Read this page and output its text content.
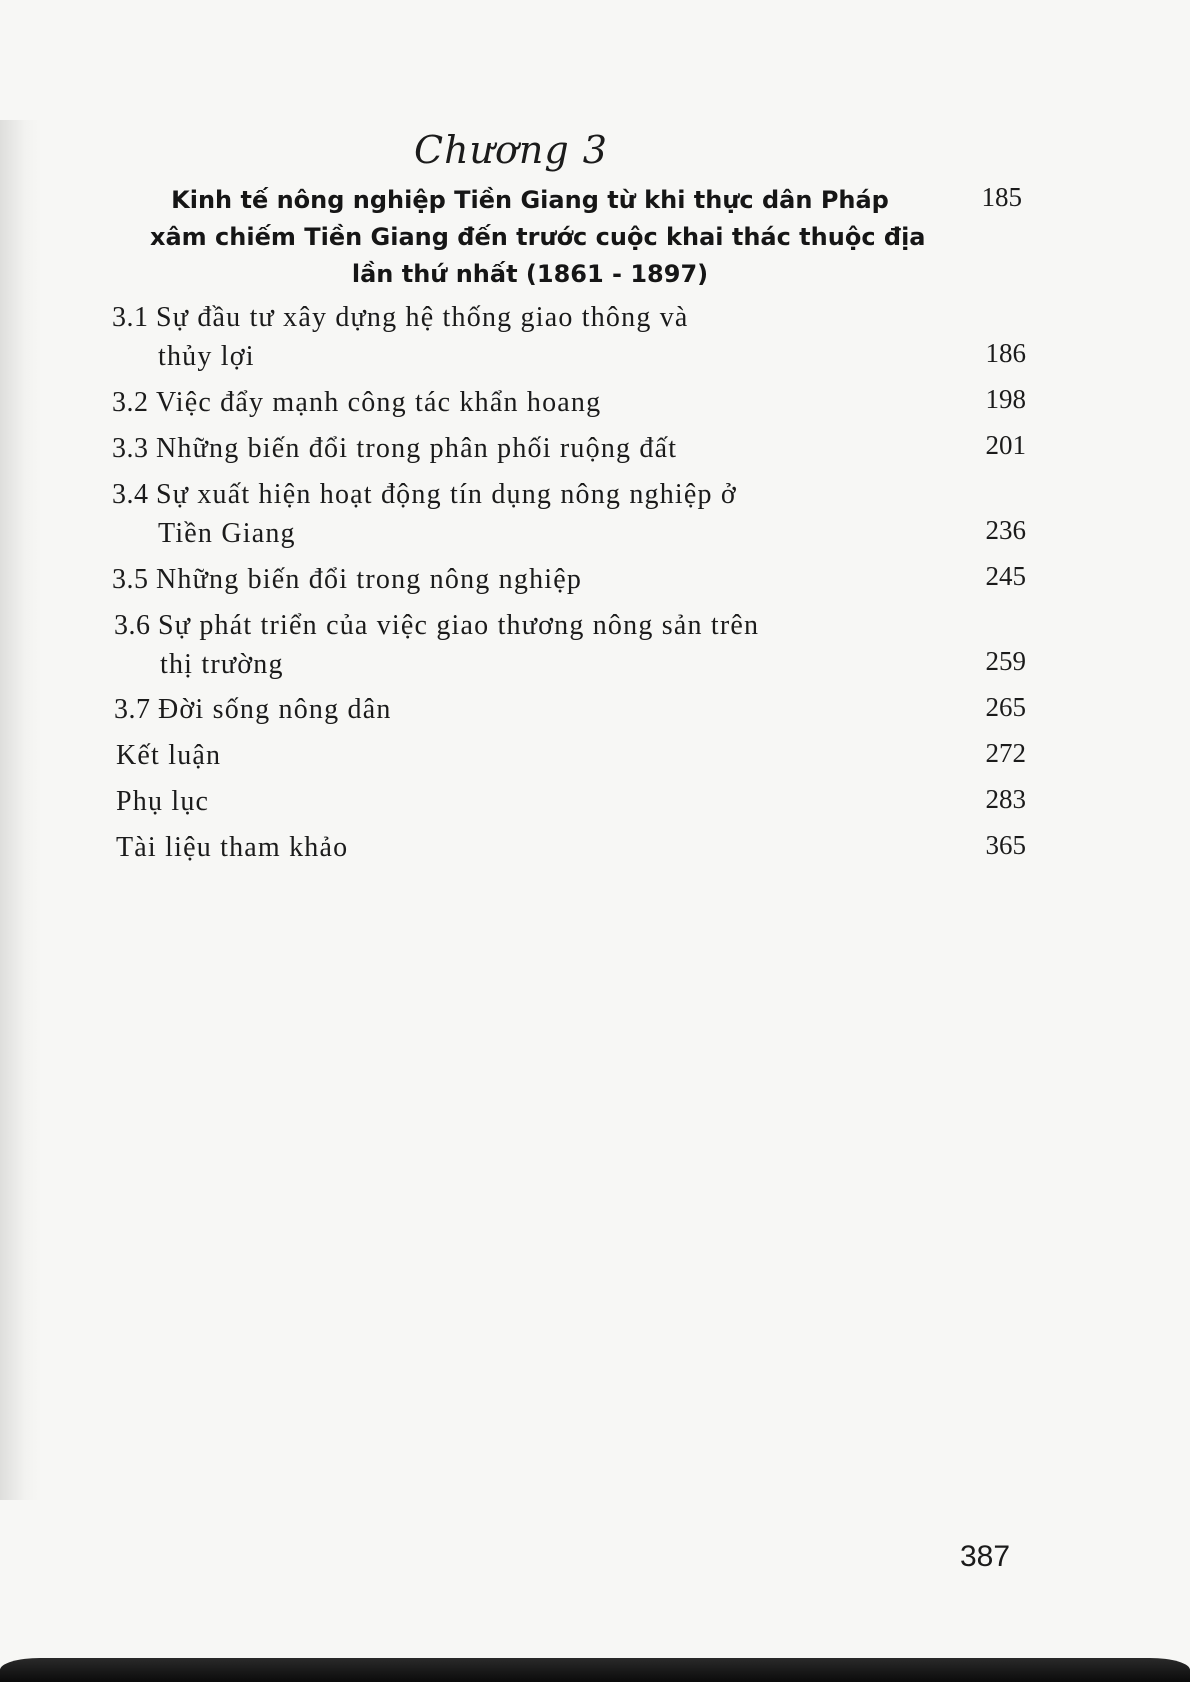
Chương 3
Kinh tế nông nghiệp Tiền Giang từ khi thực dân Pháp
xâm chiếm Tiền Giang đến trước cuộc khai thác thuộc địa
lần thứ nhất (1861 - 1897)
185
3.1 Sự đầu tư xây dựng hệ thống giao thông và
thủy lợi	186
3.2 Việc đẩy mạnh công tác khẩn hoang	198
3.3 Những biến đổi trong phân phối ruộng đất	201
3.4 Sự xuất hiện hoạt động tín dụng nông nghiệp ở
Tiền Giang	236
3.5 Những biến đổi trong nông nghiệp	245
3.6 Sự phát triển của việc giao thương nông sản trên
thị trường	259
3.7 Đời sống nông dân	265
Kết luận	272
Phụ lục	283
Tài liệu tham khảo	365
387
